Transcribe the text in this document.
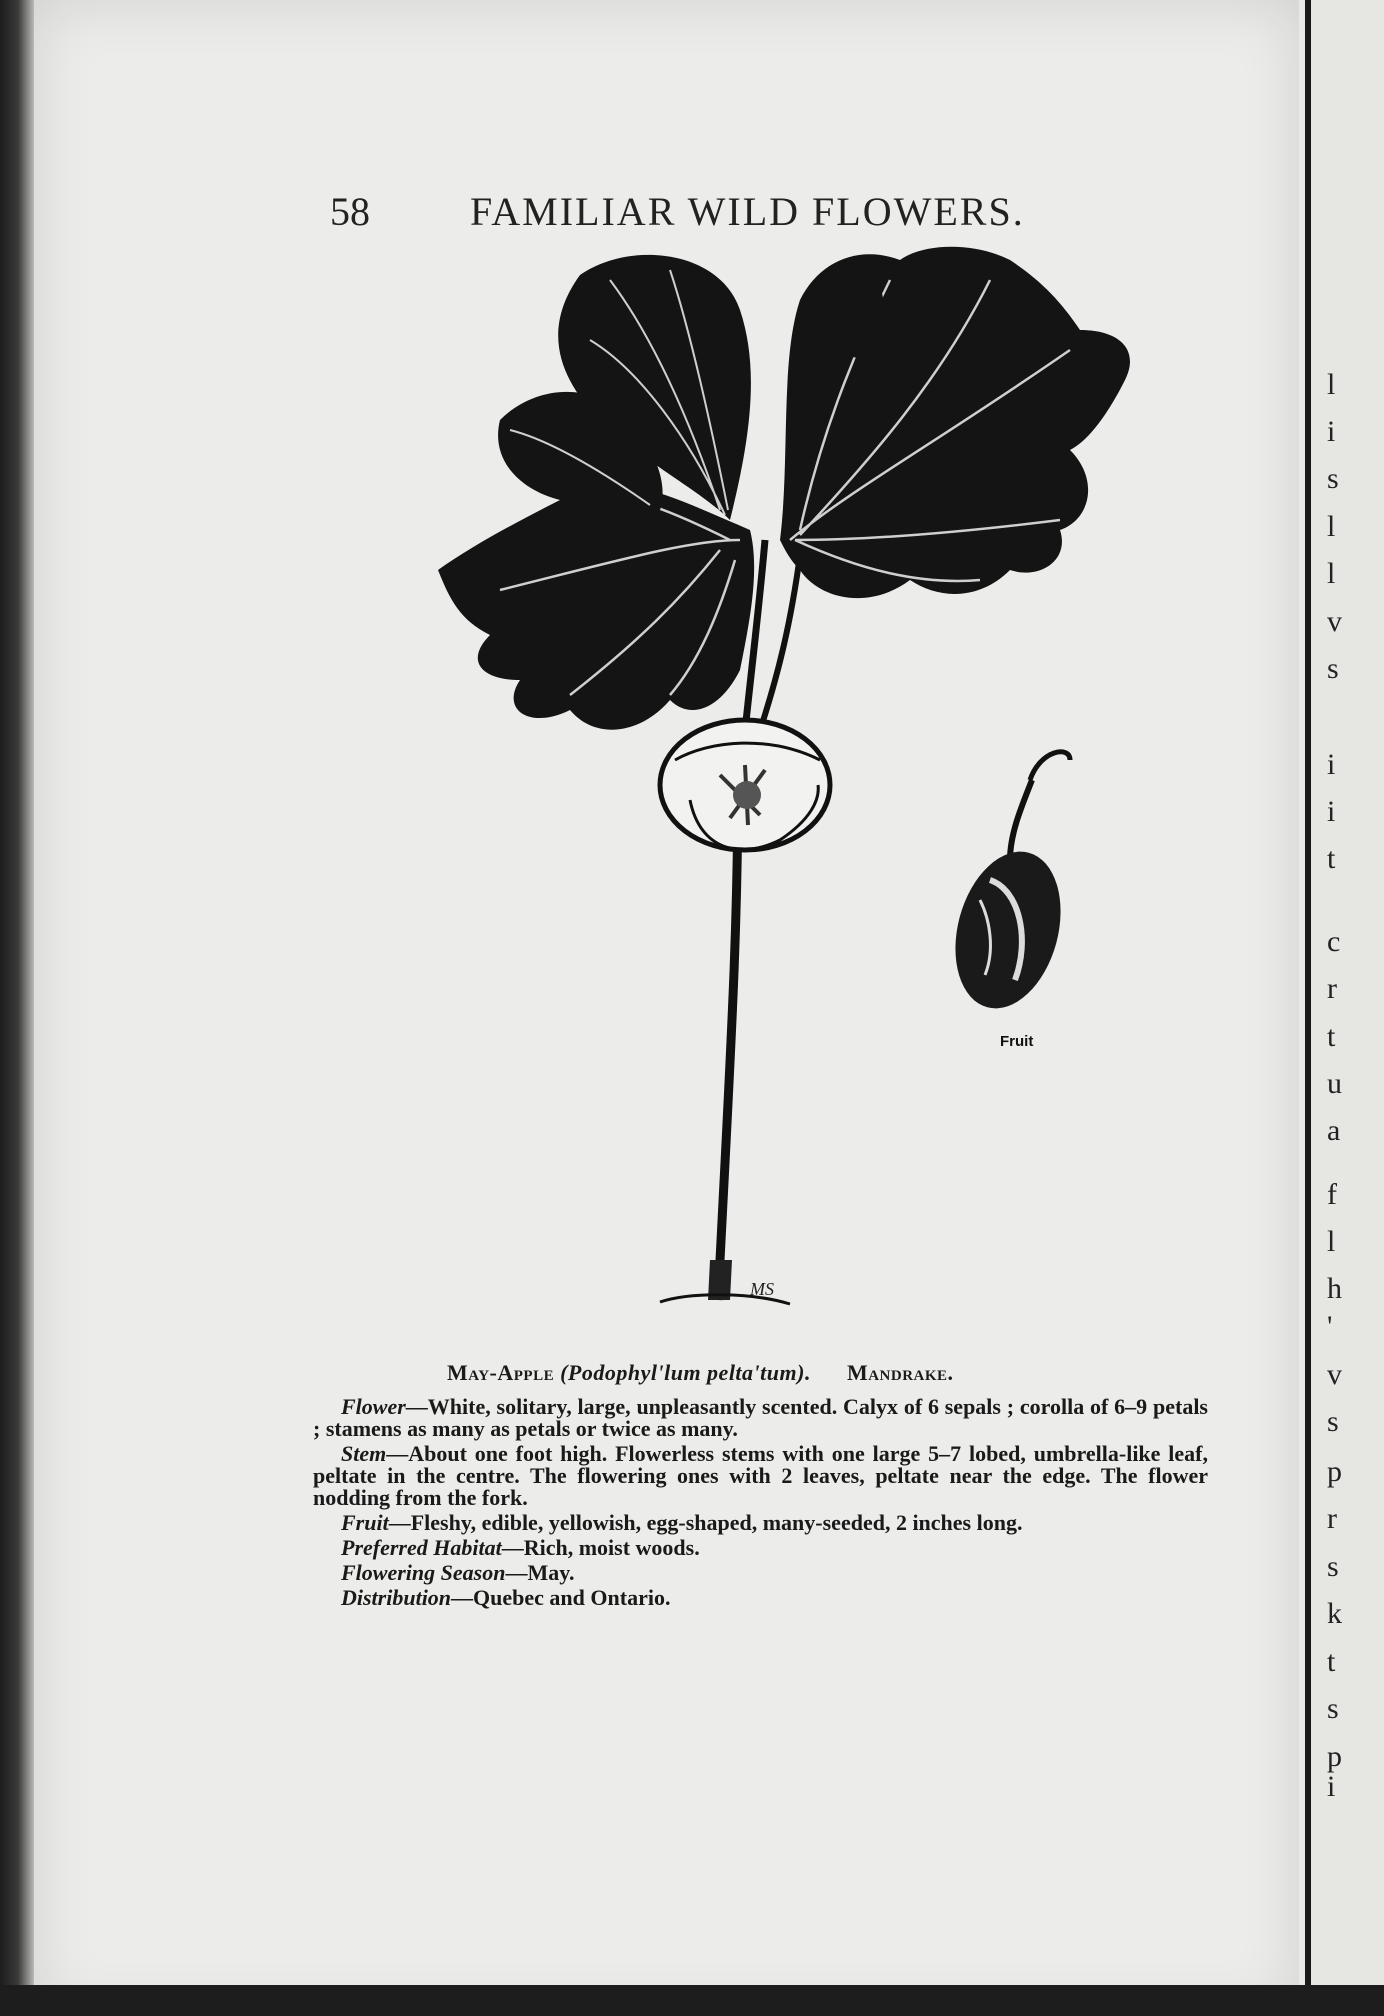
l
i
s
l
l
v
s
i
i
t
c
r
t
u
a
f
l
h
'
v
s
p
r
s
k
t
s
p
i
58	FAMILIAR WILD FLOWERS.
Fruit
MS
May-Apple (Podophyl'lum pelta'tum). Mandrake.

Flower—White, solitary, large, unpleasantly scented. Calyx of 6 sepals ; corolla of 6–9 petals ; stamens as many as petals or twice as many.

Stem—About one foot high. Flowerless stems with one large 5–7 lobed, umbrella-like leaf, peltate in the centre. The flowering ones with 2 leaves, peltate near the edge. The flower nodding from the fork.

Fruit—Fleshy, edible, yellowish, egg-shaped, many-seeded, 2 inches long.

Preferred Habitat—Rich, moist woods.

Flowering Season—May.

Distribution—Quebec and Ontario.
